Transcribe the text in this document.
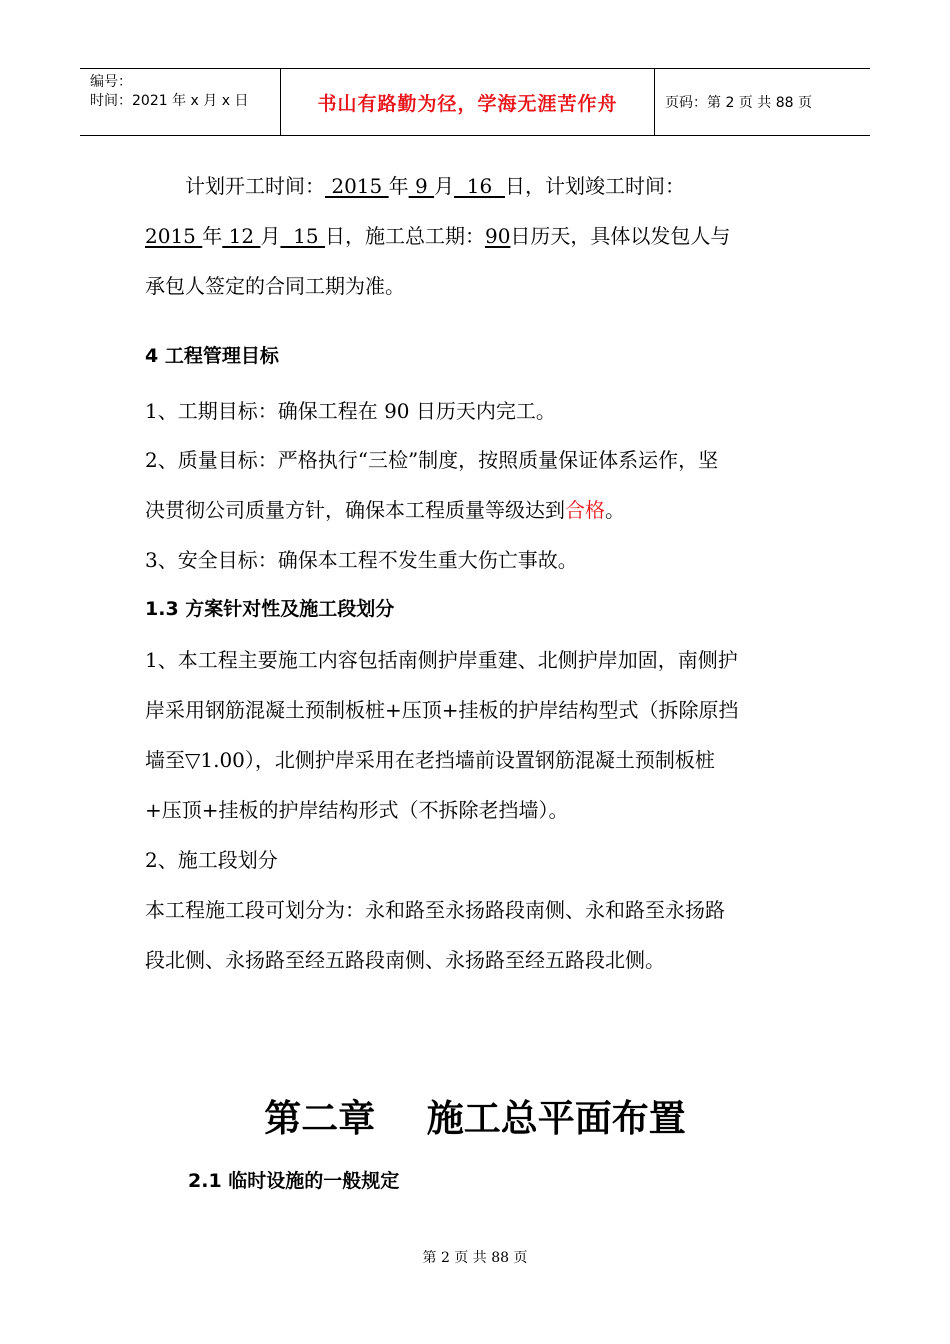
编号：
时间：2021 年 x 月 x 日	书山有路勤为径，学海无涯苦作舟	页码：第 2 页 共 88 页
计划开工时间： 2015 年 9 月  16  日，计划竣工时间：
2015 年 12 月  15 日，施工总工期：90日历天，具体以发包人与
承包人签定的合同工期为准。
4 工程管理目标
1、工期目标：确保工程在 90 日历天内完工。
2、质量目标：严格执行“三检”制度，按照质量保证体系运作，坚
决贯彻公司质量方针，确保本工程质量等级达到合格。
3、安全目标：确保本工程不发生重大伤亡事故。
1.3 方案针对性及施工段划分
1、本工程主要施工内容包括南侧护岸重建、北侧护岸加固，南侧护
岸采用钢筋混凝土预制板桩+压顶+挂板的护岸结构型式（拆除原挡
墙至▽1.00），北侧护岸采用在老挡墙前设置钢筋混凝土预制板桩
+压顶+挂板的护岸结构形式（不拆除老挡墙）。
2、施工段划分
本工程施工段可划分为：永和路至永扬路段南侧、永和路至永扬路
段北侧、永扬路至经五路段南侧、永扬路至经五路段北侧。
第二章    施工总平面布置
2.1 临时设施的一般规定
第 2 页 共 88 页
